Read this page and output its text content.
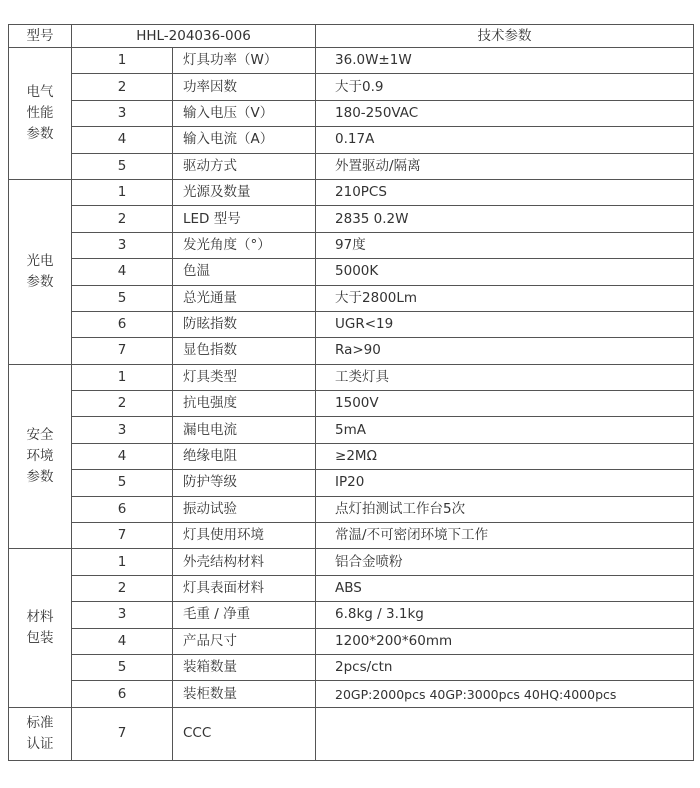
型号	HHL-204036-006		技术参数

电气
性能
参数	1	灯具功率（W）	36.0W±1W
	2	功率因数	大于0.9
	3	输入电压（V）	180-250VAC
	4	输入电流（A）	0.17A
	5	驱动方式	外置驱动/隔离

光电
参数	1	光源及数量	210PCS
	2	LED 型号	2835 0.2W
	3	发光角度（°）	97度
	4	色温	5000K
	5	总光通量	大于2800Lm
	6	防眩指数	UGR<19
	7	显色指数	Ra>90

安全
环境
参数	1	灯具类型	工类灯具
	2	抗电强度	1500V
	3	漏电电流	5mA
	4	绝缘电阻	≥2MΩ
	5	防护等级	IP20
	6	振动试验	点灯拍测试工作台5次
	7	灯具使用环境	常温/不可密闭环境下工作

材料
包装	1	外壳结构材料	铝合金喷粉
	2	灯具表面材料	ABS
	3	毛重 / 净重	6.8kg / 3.1kg
	4	产品尺寸	1200*200*60mm
	5	装箱数量	2pcs/ctn
	6	装柜数量	20GP:2000pcs 40GP:3000pcs 40HQ:4000pcs

标准
认证	7	CCC	
